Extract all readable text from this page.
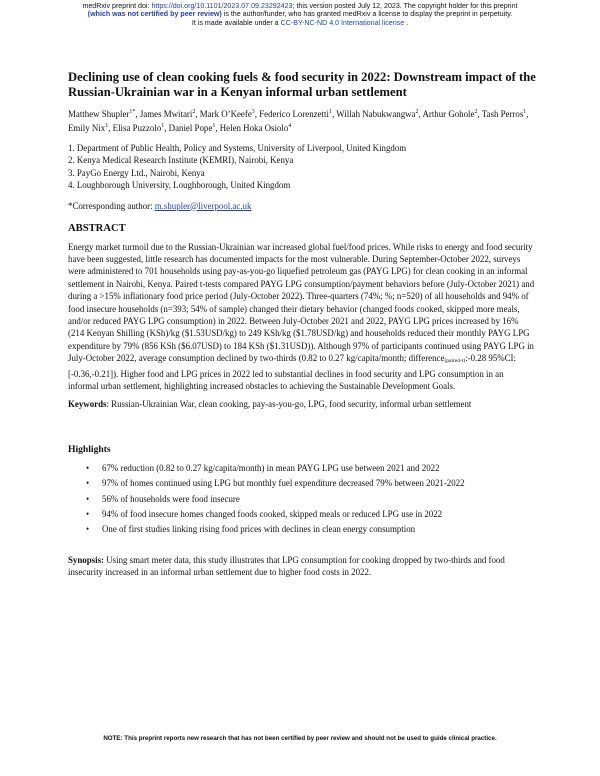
medRxiv preprint doi: https://doi.org/10.1101/2023.07.09.23292423; this version posted July 12, 2023. The copyright holder for this preprint
(which was not certified by peer review) is the author/funder, who has granted medRxiv a license to display the preprint in perpetuity.
It is made available under a CC-BY-NC-ND 4.0 International license .
Declining use of clean cooking fuels & food security in 2022: Downstream impact of the Russian-Ukrainian war in a Kenyan informal urban settlement
Matthew Shupler$^{1*}$, James Mwitari$^2$, Mark O’Keefe$^3$, Federico Lorenzetti$^1$, Willah Nabukwangwa$^2$, Arthur Gohole$^2$, Tash Perros$^1$, Emily Nix$^1$, Elisa Puzzolo$^1$, Daniel Pope$^1$, Helen Hoka Osiolo$^4$
1. Department of Public Health, Policy and Systems, University of Liverpool, United Kingdom
2. Kenya Medical Research Institute (KEMRI), Nairobi, Kenya
3. PayGo Energy Ltd., Nairobi, Kenya
4. Loughborough University, Loughborough, United Kingdom
*Corresponding author: m.shupler@liverpool.ac.uk
ABSTRACT
Energy market turmoil due to the Russian-Ukrainian war increased global fuel/food prices. While risks to energy and food security have been suggested, little research has documented impacts for the most vulnerable. During September-October 2022, surveys were administered to 701 households using pay-as-you-go liquefied petroleum gas (PAYG LPG) for clean cooking in an informal settlement in Nairobi, Kenya. Paired t-tests compared PAYG LPG consumption/payment behaviors before (July-October 2021) and during a >15% inflationary food price period (July-October 2022). Three-quarters (74%; %; n=520) of all households and 94% of food insecure households (n=393; 54% of sample) changed their dietary behavior (changed foods cooked, skipped more meals, and/or reduced PAYG LPG consumption) in 2022. Between July-October 2021 and 2022, PAYG LPG prices increased by 16% (214 Kenyan Shilling (KSh)/kg ($1.53USD/kg) to 249 KSh/kg ($1.78USD/kg) and households reduced their monthly PAYG LPG expenditure by 79% (856 KSh ($6.07USD) to 184 KSh ($1.31USD)). Although 97% of participants continued using PAYG LPG in July-October 2022, average consumption declined by two-thirds (0.82 to 0.27 kg/capita/month; difference(paired-t):-0.28 95%CI:[-0.36,-0.21]). Higher food and LPG prices in 2022 led to substantial declines in food security and LPG consumption in an informal urban settlement, highlighting increased obstacles to achieving the Sustainable Development Goals.
Keywords: Russian-Ukrainian War, clean cooking, pay-as-you-go, LPG, food security, informal urban settlement
Highlights
• 67% reduction (0.82 to 0.27 kg/capita/month) in mean PAYG LPG use between 2021 and 2022
• 97% of homes continued using LPG but monthly fuel expenditure decreased 79% between 2021-2022
• 56% of households were food insecure
• 94% of food insecure homes changed foods cooked, skipped meals or reduced LPG use in 2022
• One of first studies linking rising food prices with declines in clean energy consumption
Synopsis: Using smart meter data, this study illustrates that LPG consumption for cooking dropped by two-thirds and food insecurity increased in an informal urban settlement due to higher food costs in 2022.
NOTE: This preprint reports new research that has not been certified by peer review and should not be used to guide clinical practice.
